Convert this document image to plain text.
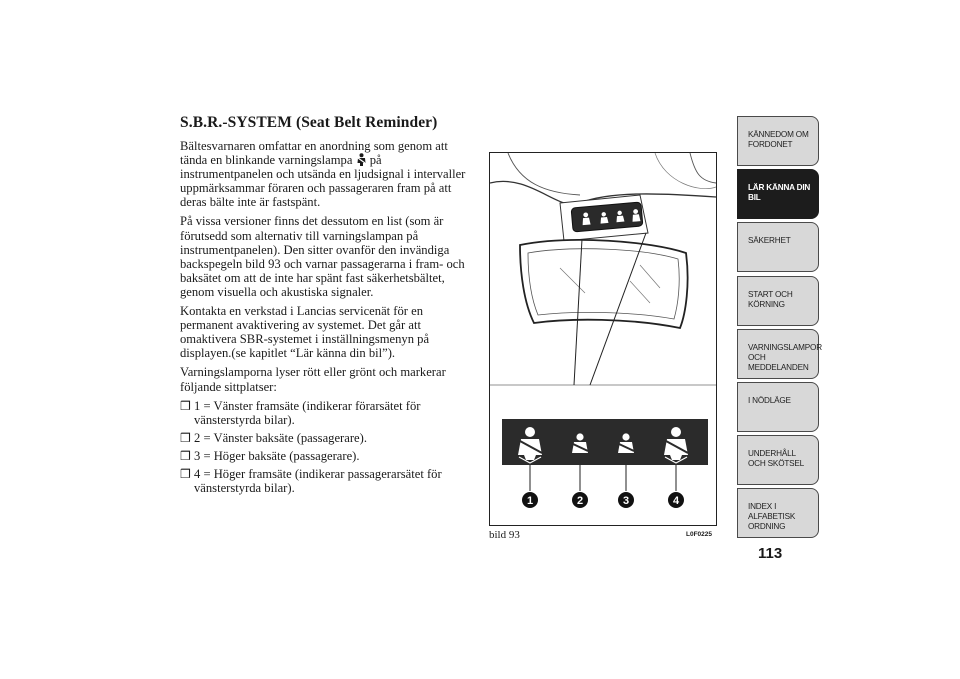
S.B.R.-SYSTEM (Seat Belt Reminder)

Bältesvarnaren omfattar en anordning som genom att tända en blinkande varningslampa på instrumentpanelen och utsända en ljudsignal i intervaller uppmärksammar föraren och passageraren fram på att deras bälte inte är fastspänt.

På vissa versioner finns det dessutom en list (som är förutsedd som alternativ till varningslampan på instrumentpanelen). Den sitter ovanför den invändiga backspegeln bild 93 och varnar passagerarna i fram- och baksätet om att de inte har spänt fast säkerhetsbältet, genom visuella och akustiska signaler.

Kontakta en verkstad i Lancias servicenät för en permanent avaktivering av systemet. Det går att omaktivera SBR-systemet i inställningsmenyn på displayen.(se kapitlet “Lär känna din bil”).

Varningslamporna lyser rött eller grönt och markerar följande sittplatser:

❒ 1 = Vänster framsäte (indikerar förarsätet för vänsterstyrda bilar).
❒ 2 = Vänster baksäte (passagerare).
❒ 3 = Höger baksäte (passagerare).
❒ 4 = Höger framsäte (indikerar passagerarsätet för vänsterstyrda bilar).
1	2	3	4
bild 93	L0F0225
KÄNNEDOM OM FORDONET
LÄR KÄNNA DIN BIL
SÄKERHET
START OCH KÖRNING
VARNINGSLAMPOR OCH MEDDELANDEN
I NÖDLÄGE
UNDERHÅLL OCH SKÖTSEL
INDEX I ALFABETISK ORDNING
113
